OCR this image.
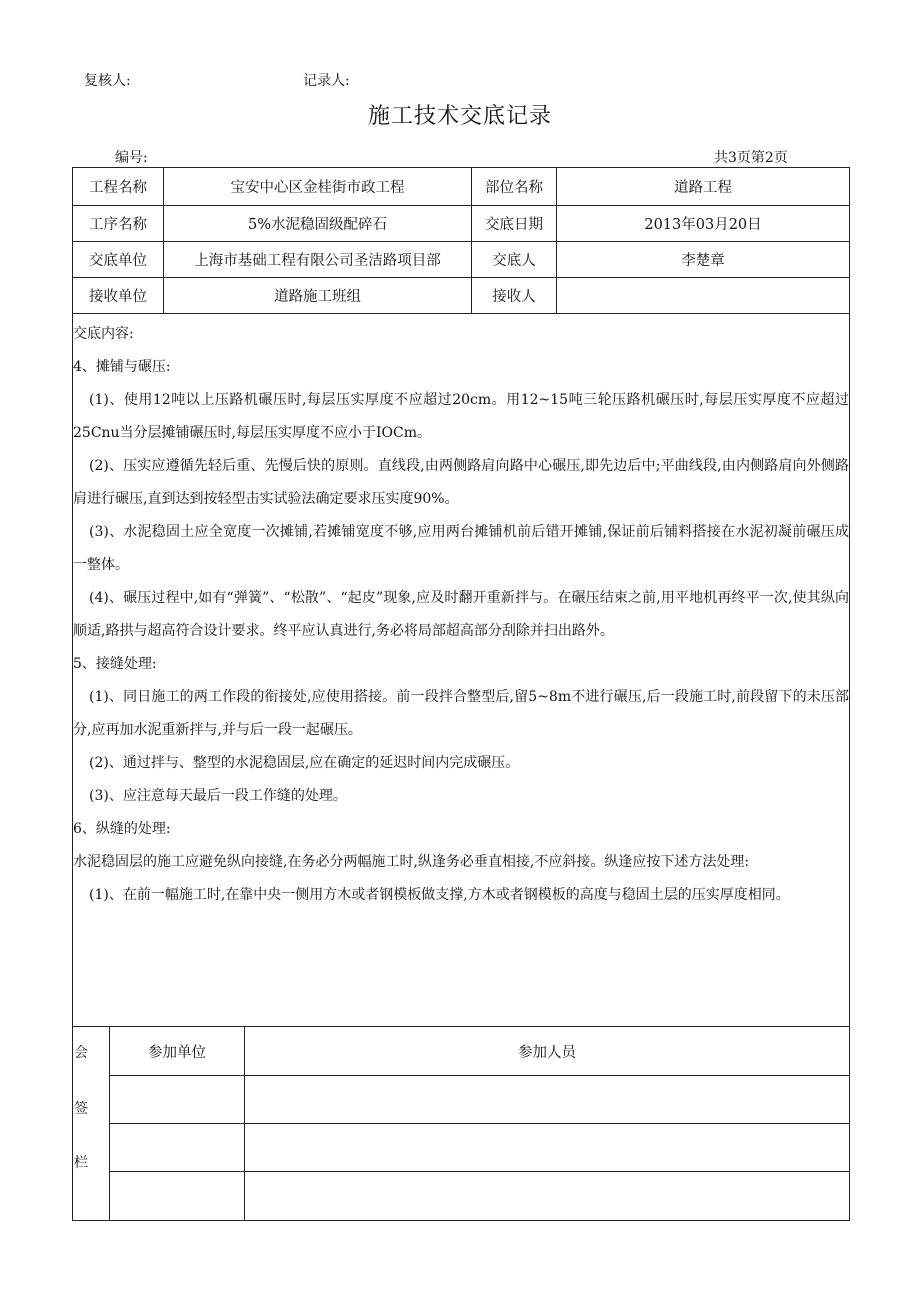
复核人:	记录人:
施工技术交底记录
编号:	共3页第2页
工程名称	宝安中心区金桂街市政工程	部位名称	道路工程
工序名称	5%水泥稳固级配碎石	交底日期	2013年03月20日
交底单位	上海市基础工程有限公司圣洁路项目部	交底人	李楚章
接收单位	道路施工班组	接收人

交底内容:

4、摊铺与碾压:

(1)、使用12吨以上压路机碾压时,每层压实厚度不应超过20cm。用12~15吨三轮压路机碾压时,每层压实厚度不应超过25Cnu当分层摊铺碾压时,每层压实厚度不应小于IOCm。

(2)、压实应遵循先轻后重、先慢后快的原则。直线段,由两侧路肩向路中心碾压,即先边后中;平曲线段,由内侧路肩向外侧路肩进行碾压,直到达到按轻型击实试验法确定要求压实度90%。

(3)、水泥稳固土应全宽度一次摊铺,若摊铺宽度不够,应用两台摊铺机前后错开摊铺,保证前后铺料搭接在水泥初凝前碾压成一整体。

(4)、碾压过程中,如有“弹簧”、“松散”、“起皮”现象,应及时翻开重新拌与。在碾压结束之前,用平地机再终平一次,使其纵向顺适,路拱与超高符合设计要求。终平应认真进行,务必将局部超高部分刮除并扫出路外。

5、接缝处理:

(1)、同日施工的两工作段的衔接处,应使用搭接。前一段拌合整型后,留5~8m不进行碾压,后一段施工时,前段留下的未压部分,应再加水泥重新拌与,并与后一段一起碾压。

(2)、通过拌与、整型的水泥稳固层,应在确定的延迟时间内完成碾压。

(3)、应注意每天最后一段工作缝的处理。

6、纵缝的处理:

水泥稳固层的施工应避免纵向接缝,在务必分两幅施工时,纵逢务必垂直相接,不应斜接。纵逢应按下述方法处理:

(1)、在前一幅施工时,在靠中央一侧用方木或者钢模板做支撑,方木或者钢模板的高度与稳固土层的压实厚度相同。

会
签
栏
参加单位	参加人员
